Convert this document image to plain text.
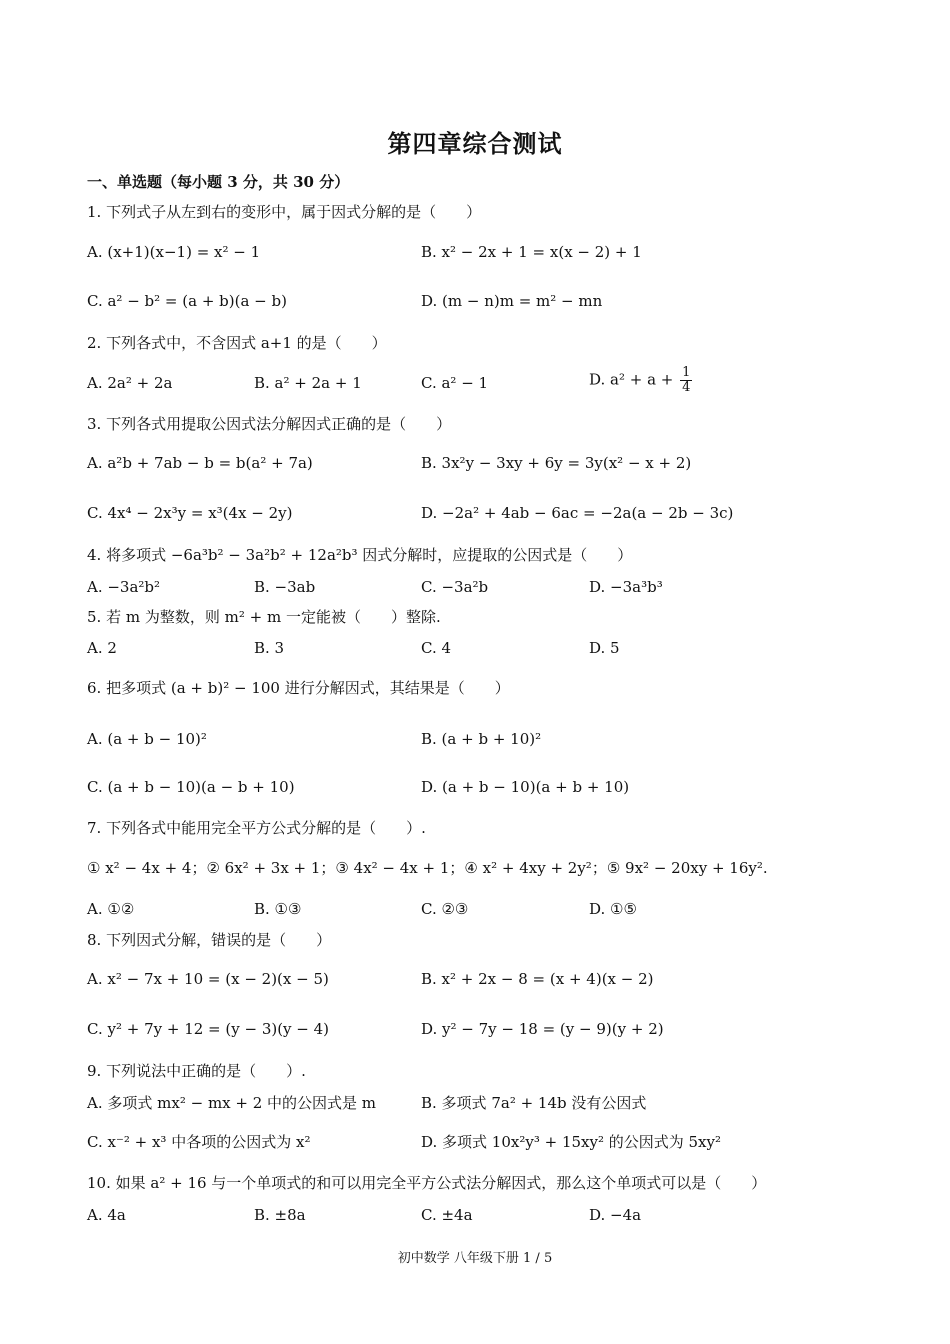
第四章综合测试
一、单选题（每小题 3 分，共 30 分）
1. 下列式子从左到右的变形中，属于因式分解的是（　　）
A. (x+1)(x−1) = x² − 1	B. x² − 2x + 1 = x(x − 2) + 1
C. a² − b² = (a + b)(a − b)	D. (m − n)m = m² − mn
2. 下列各式中，不含因式 a+1 的是（　　）
A. 2a² + 2a	B. a² + 2a + 1	C. a² − 1	D. $a^2 + a + \frac{1}{4}$
3. 下列各式用提取公因式法分解因式正确的是（　　）
A. a²b + 7ab − b = b(a² + 7a)	B. 3x²y − 3xy + 6y = 3y(x² − x + 2)
C. 4x⁴ − 2x³y = x³(4x − 2y)	D. −2a² + 4ab − 6ac = −2a(a − 2b − 3c)
4. 将多项式 −6a³b² − 3a²b² + 12a²b³ 因式分解时，应提取的公因式是（　　）
A. −3a²b²	B. −3ab	C. −3a²b	D. −3a³b³
5. 若 m 为整数，则 m² + m 一定能被（　　）整除.
A. 2	B. 3	C. 4	D. 5
6. 把多项式 (a + b)² − 100 进行分解因式，其结果是（　　）
A. (a + b − 10)²	B. (a + b + 10)²
C. (a + b − 10)(a − b + 10)	D. (a + b − 10)(a + b + 10)
7. 下列各式中能用完全平方公式分解的是（　　）.
① x² − 4x + 4；② 6x² + 3x + 1；③ 4x² − 4x + 1；④ x² + 4xy + 2y²；⑤ 9x² − 20xy + 16y².
A. ①②	B. ①③	C. ②③	D. ①⑤
8. 下列因式分解，错误的是（　　）
A. x² − 7x + 10 = (x − 2)(x − 5)	B. x² + 2x − 8 = (x + 4)(x − 2)
C. y² + 7y + 12 = (y − 3)(y − 4)	D. y² − 7y − 18 = (y − 9)(y + 2)
9. 下列说法中正确的是（　　）.
A. 多项式 mx² − mx + 2 中的公因式是 m	B. 多项式 7a² + 14b 没有公因式
C. x⁻² + x³ 中各项的公因式为 x²	D. 多项式 10x²y³ + 15xy² 的公因式为 5xy²
10. 如果 a² + 16 与一个单项式的和可以用完全平方公式法分解因式，那么这个单项式可以是（　　）
A. 4a	B. ±8a	C. ±4a	D. −4a
初中数学 八年级下册 1 / 5
